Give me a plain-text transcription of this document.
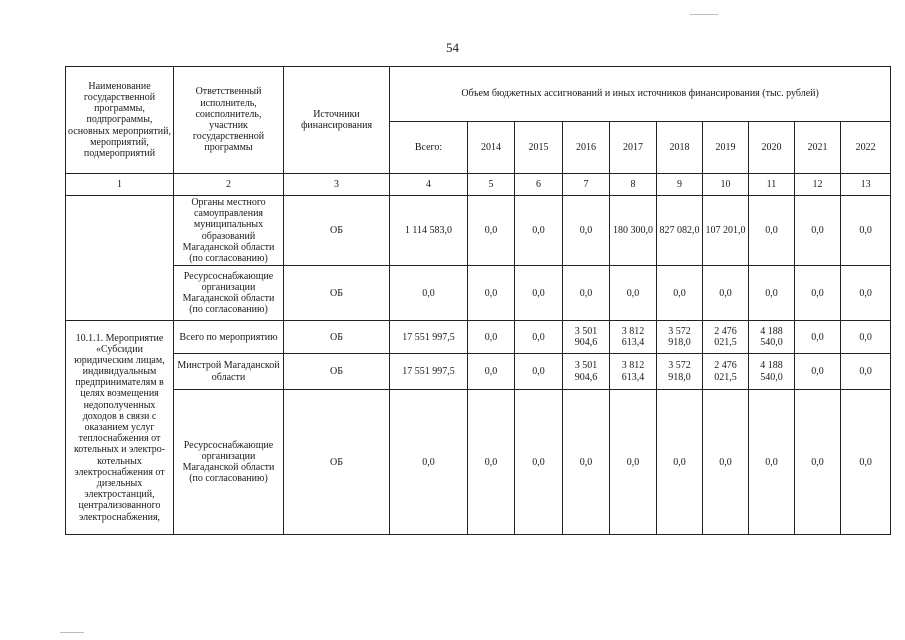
54
Наименование государственной программы, подпрограммы, основных мероприятий, мероприятий, подмероприятий	Ответственный исполнитель, соисполнитель, участник государственной программы	Источники финансирования	Объем бюджетных ассигнований и иных источников финансирования (тыс. рублей)									
			Всего:	2014	2015	2016	2017	2018	2019	2020	2021	2022
1	2	3	4	5	6	7	8	9	10	11	12	13
	Органы местного самоуправления муниципальных образований Магаданской области (по согласованию)	ОБ	1 114 583,0	0,0	0,0	0,0	180 300,0	827 082,0	107 201,0	0,0	0,0	0,0
	Ресурсоснабжающие организации Магаданской области (по согласованию)	ОБ	0,0	0,0	0,0	0,0	0,0	0,0	0,0	0,0	0,0	0,0
10.1.1. Мероприятие «Субсидии юридическим лицам, индивидуальным предпринимателям в целях возмещения недополученных доходов в связи с оказанием услуг теплоснабжения от котельных и электро-котельных электроснабжения от дизельных электростанций, централизованного электроснабжения,	Всего по мероприятию	ОБ	17 551 997,5	0,0	0,0	3 501 904,6	3 812 613,4	3 572 918,0	2 476 021,5	4 188 540,0	0,0	0,0
	Минстрой Магаданской области	ОБ	17 551 997,5	0,0	0,0	3 501 904,6	3 812 613,4	3 572 918,0	2 476 021,5	4 188 540,0	0,0	0,0
	Ресурсоснабжающие организации Магаданской области (по согласованию)	ОБ	0,0	0,0	0,0	0,0	0,0	0,0	0,0	0,0	0,0	0,0
